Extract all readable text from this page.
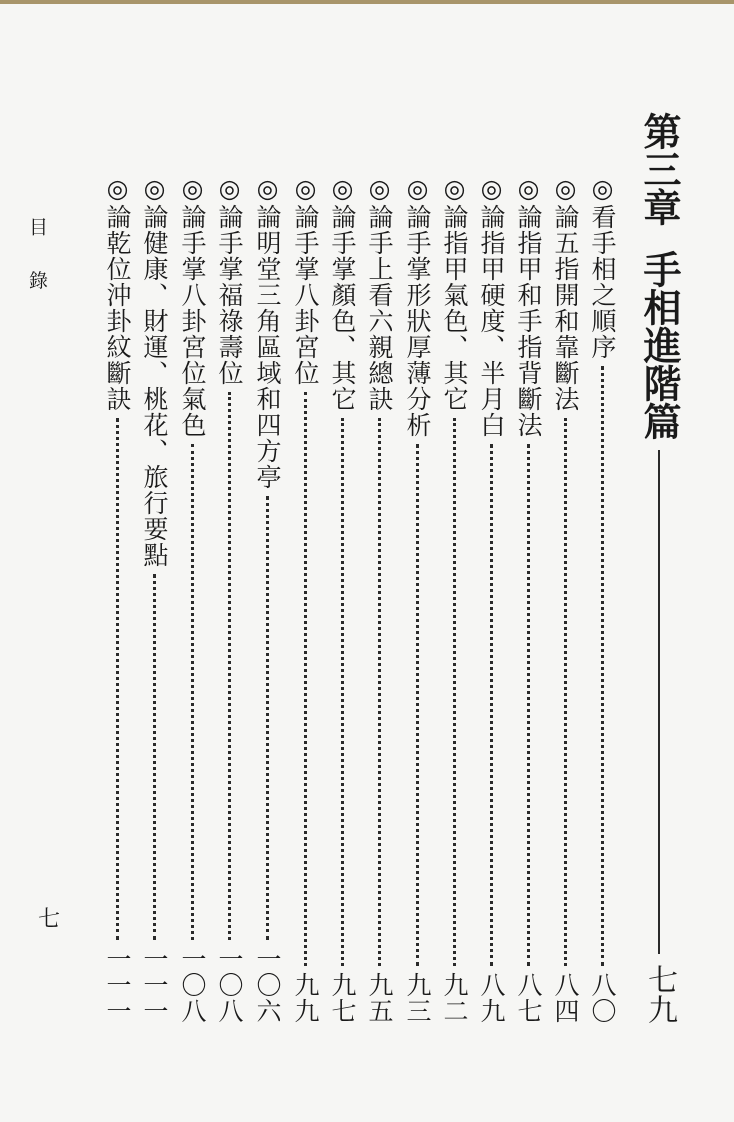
第三章
手相進階篇
七九
◎看手相之順序
八〇
◎論五指開和靠斷法
八四
◎論指甲和手指背斷法
八七
◎論指甲硬度、半月白
八九
◎論指甲氣色、其它
九二
◎論手掌形狀厚薄分析
九三
◎論手上看六親總訣
九五
◎論手掌顏色、其它
九七
◎論手掌八卦宮位
九九
◎論明堂三角區域和四方亭
一〇六
◎論手掌福祿壽位
一〇八
◎論手掌八卦宮位氣色
一〇八
◎論健康、財運、桃花、旅行要點
一一一
◎論乾位沖卦紋斷訣
一一一
目 錄
七
